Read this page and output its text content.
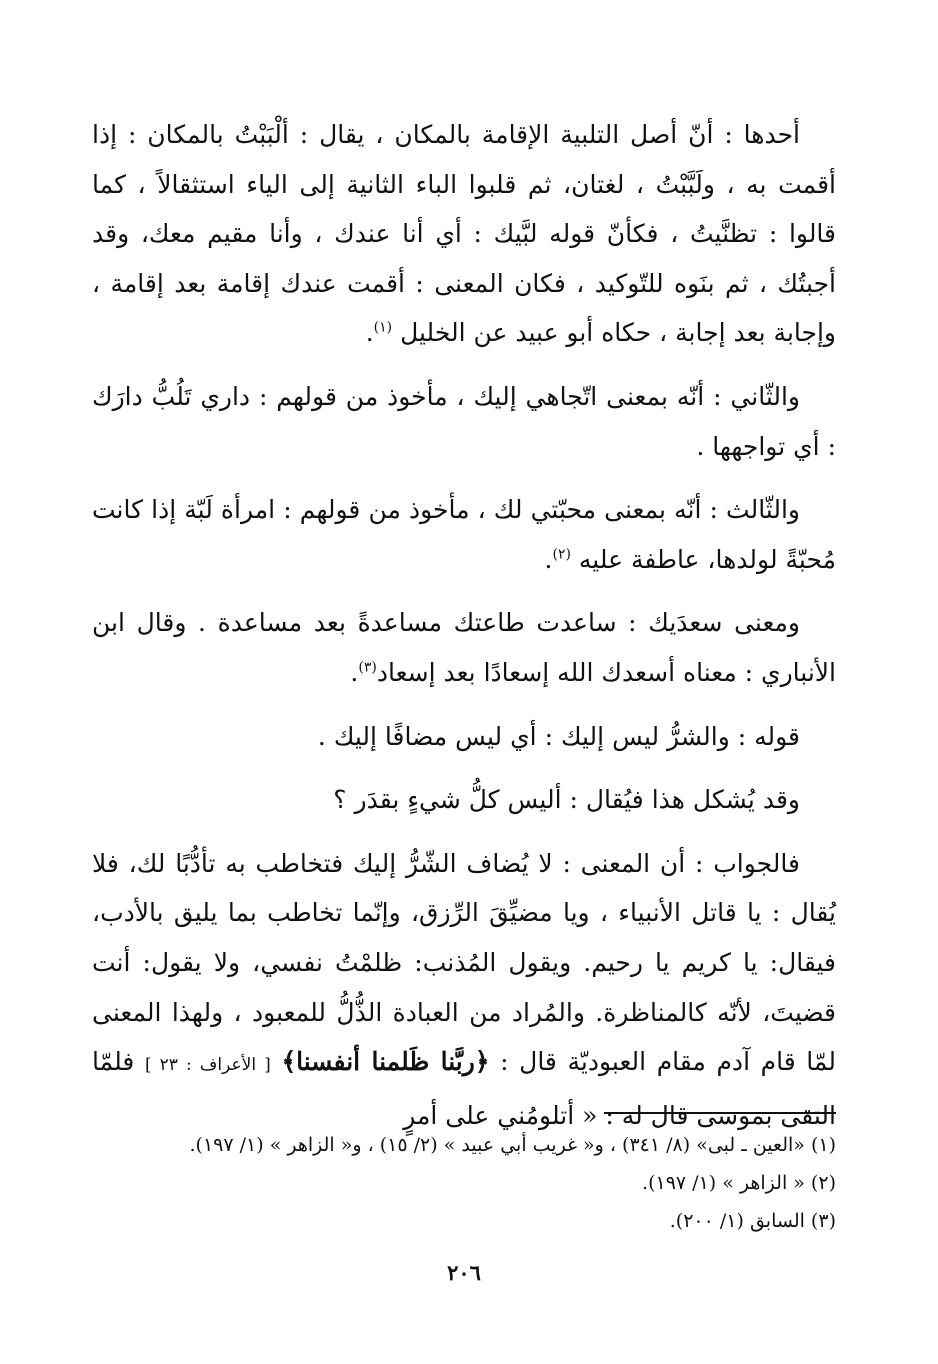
أحدها : أنّ أصل التلبية الإقامة بالمكان ، يقال : ألْبَبْتُ بالمكان : إذا أقمت به ، ولَبَّبْتُ ، لغتان، ثم قلبوا الباء الثانية إلى الياء استثقالاً ، كما قالوا : تظنَّيتُ ، فكأنّ قوله لبَّيك : أي أنا عندك ، وأنا مقيم معك، وقد أجبتُك ، ثم بنَوه للتّوكيد ، فكان المعنى : أقمت عندك إقامة بعد إقامة ، وإجابة بعد إجابة ، حكاه أبو عبيد عن الخليل $^{(١)}$.

والثّاني : أنّه بمعنى اتّجاهي إليك ، مأخوذ من قولهم : داري تَلُبُّ دارَك : أي تواجهها .

والثّالث : أنّه بمعنى محبّتي لك ، مأخوذ من قولهم : امرأة لَبّة إذا كانت مُحبّةً لولدها، عاطفة عليه $^{(٢)}$.

ومعنى سعدَيك : ساعدت طاعتك مساعدةً بعد مساعدة . وقال ابن الأنباري : معناه أسعدك الله إسعادًا بعد إسعاد$^{(٣)}$.

قوله : والشرُّ ليس إليك : أي ليس مضافًا إليك .

وقد يُشكل هذا فيُقال : أليس كلُّ شيءٍ بقدَر ؟

فالجواب : أن المعنى : لا يُضاف الشّرُّ إليك فتخاطب به تأدُّبًا لك، فلا يُقال : يا قاتل الأنبياء ، ويا مضيِّقَ الرِّزق، وإنّما تخاطب بما يليق بالأدب، فيقال: يا كريم يا رحيم. ويقول المُذنب: ظلمْتُ نفسي، ولا يقول: أنت قضيتَ، لأنّه كالمناظرة. والمُراد من العبادة الذُّلُّ للمعبود ، ولهذا المعنى لمّا قام آدم مقام العبوديّة قال : ﴿ربَّنا ظَلمنا أنفسنا﴾ [ الأعراف : ٢٣ ] فلمّا التقى بموسى قال له : « أتلومُني على أمرٍ

(١) «العين ـ لبى» (٨/ ٣٤١) ، و« غريب أبي عبيد » (٢/ ١٥) ، و« الزاهر » (١/ ١٩٧).

(٢) « الزاهر » (١/ ١٩٧).

(٣) السابق (١/ ٢٠٠).

٢٠٦
